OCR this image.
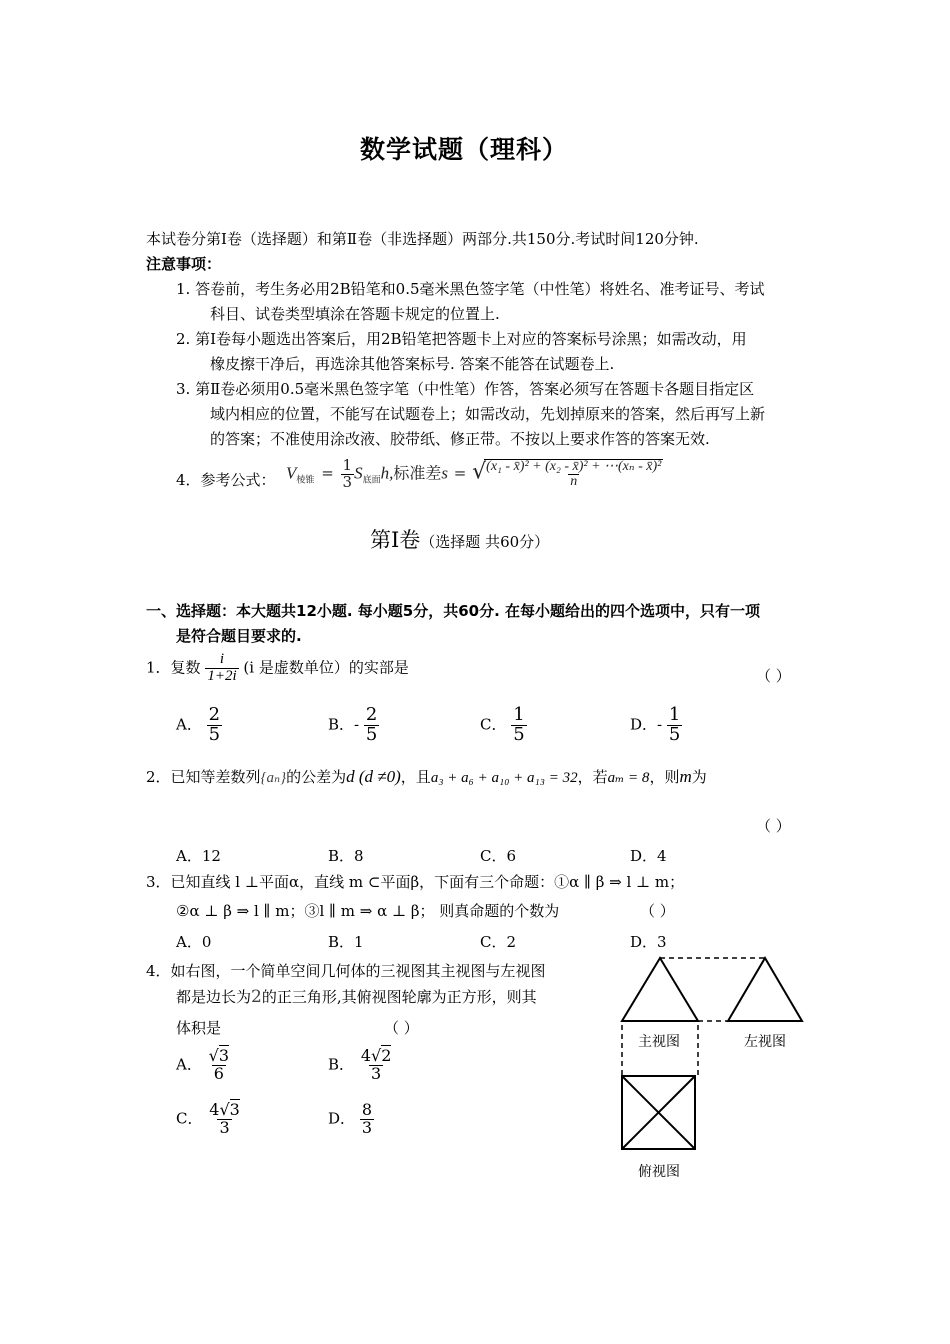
数学试题（理科）
本试卷分第Ⅰ卷（选择题）和第Ⅱ卷（非选择题）两部分.共150分.考试时间120分钟.
注意事项：
1. 答卷前，考生务必用2B铅笔和0.5毫米黑色签字笔（中性笔）将姓名、准考证号、考试
科目、试卷类型填涂在答题卡规定的位置上.
2. 第Ⅰ卷每小题选出答案后，用2B铅笔把答题卡上对应的答案标号涂黑；如需改动，用
橡皮擦干净后，再选涂其他答案标号. 答案不能答在试题卷上.
3. 第Ⅱ卷必须用0.5毫米黑色签字笔（中性笔）作答，答案必须写在答题卡各题目指定区
域内相应的位置，不能写在试题卷上；如需改动，先划掉原来的答案，然后再写上新
的答案；不准使用涂改液、胶带纸、修正带。不按以上要求作答的答案无效.
4．参考公式： $V_{棱锥} = \frac{1}{3} S_{底面}h$,标准差s = √
$\frac{\text{(x₁ - x̄)² + (x₂ - x̄)² + ⋯(xₙ - x̄)²}}{n}$
第Ⅰ卷（选择题 共60分）
一、选择题：本大题共12小题. 每小题5分，共60分. 在每小题给出的四个选项中，只有一项
是符合题目要求的.
1．复数 $\frac{i}{1+2i} (i$ 是虚数单位）的实部是	（ ）
A． $\frac{2}{5}$	B．- $\frac{2}{5}$	C． $\frac{1}{5}$	D．- $\frac{1}{5}$
2．已知等差数列{aₙ}的公差为d (d ≠0)，且a₃ + a₆ + a₁₀ + a₁₃ = 32，若aₘ = 8，则m为
（ ）
A．12	B．8	C．6	D．4
3．已知直线 l ⊥平面α，直线 m ⊂平面β，下面有三个命题：①α ∥ β ⇒ l ⊥ m；
②α ⊥ β ⇒ l ∥ m；③l ∥ m ⇒ α ⊥ β； 则真命题的个数为	（ ）
A．0	B．1	C．2	D．3
4．如右图，一个简单空间几何体的三视图其主视图与左视图
都是边长为2的正三角形,其俯视图轮廓为正方形，则其
体积是	（ ）
A． $\frac{√3}{6}$	B． $\frac{4√2}{3}$
C． $\frac{4√3}{3}$	D． $\frac{8}{3}$
主视图	左视图
俯视图
